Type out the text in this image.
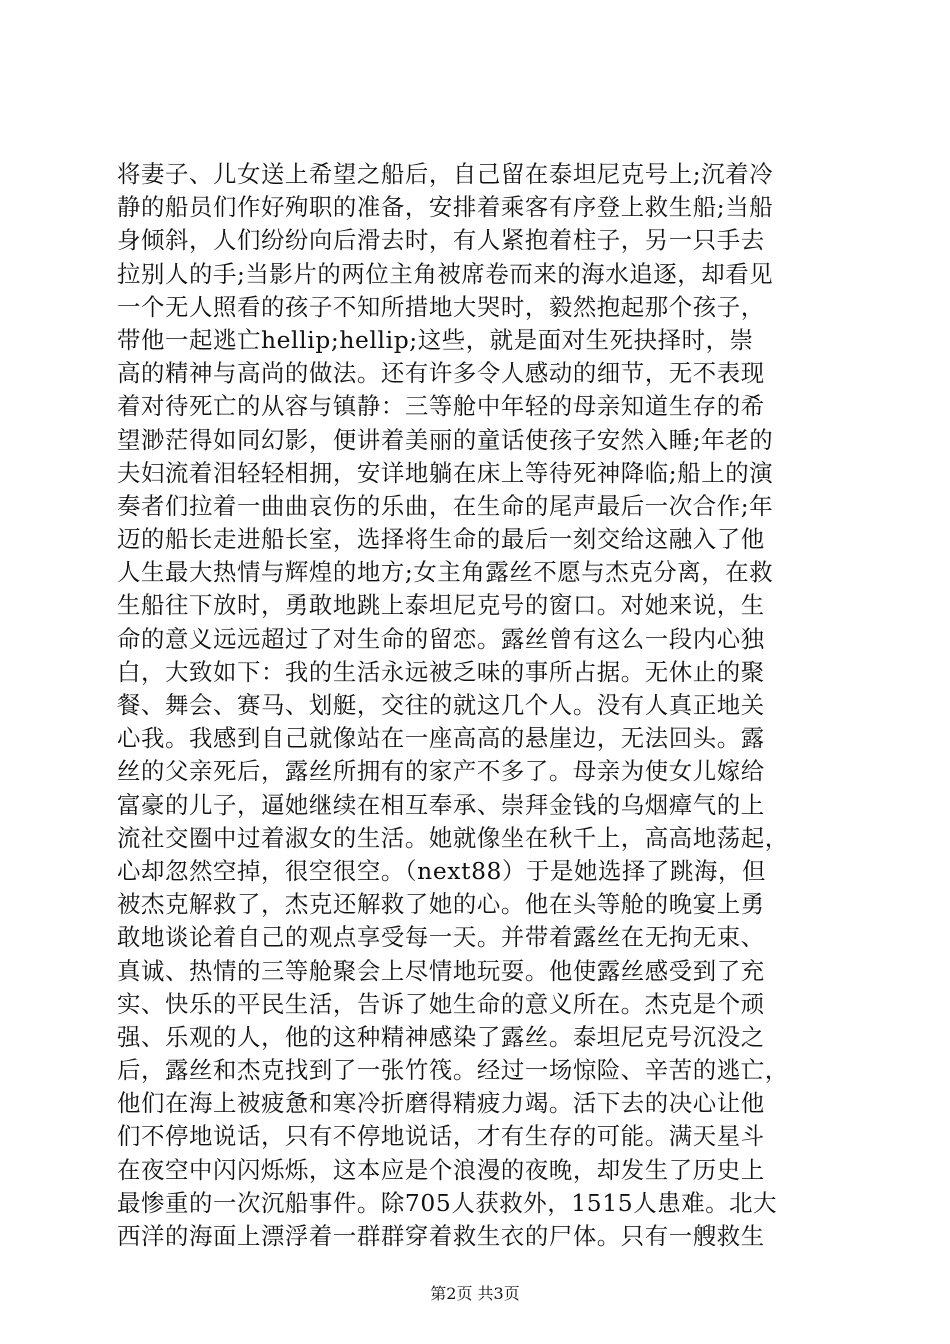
将妻子、儿女送上希望之船后，自己留在泰坦尼克号上;沉着冷
静的船员们作好殉职的准备，安排着乘客有序登上救生船;当船
身倾斜，人们纷纷向后滑去时，有人紧抱着柱子，另一只手去
拉别人的手;当影片的两位主角被席卷而来的海水追逐，却看见
一个无人照看的孩子不知所措地大哭时，毅然抱起那个孩子，
带他一起逃亡hellip;hellip;这些，就是面对生死抉择时，崇
高的精神与高尚的做法。还有许多令人感动的细节，无不表现
着对待死亡的从容与镇静：三等舱中年轻的母亲知道生存的希
望渺茫得如同幻影，便讲着美丽的童话使孩子安然入睡;年老的
夫妇流着泪轻轻相拥，安详地躺在床上等待死神降临;船上的演
奏者们拉着一曲曲哀伤的乐曲，在生命的尾声最后一次合作;年
迈的船长走进船长室，选择将生命的最后一刻交给这融入了他
人生最大热情与辉煌的地方;女主角露丝不愿与杰克分离，在救
生船往下放时，勇敢地跳上泰坦尼克号的窗口。对她来说，生
命的意义远远超过了对生命的留恋。露丝曾有这么一段内心独
白，大致如下：我的生活永远被乏味的事所占据。无休止的聚
餐、舞会、赛马、划艇，交往的就这几个人。没有人真正地关
心我。我感到自己就像站在一座高高的悬崖边，无法回头。露
丝的父亲死后，露丝所拥有的家产不多了。母亲为使女儿嫁给
富豪的儿子，逼她继续在相互奉承、崇拜金钱的乌烟瘴气的上
流社交圈中过着淑女的生活。她就像坐在秋千上，高高地荡起，
心却忽然空掉，很空很空。（next88）于是她选择了跳海，但
被杰克解救了，杰克还解救了她的心。他在头等舱的晚宴上勇
敢地谈论着自己的观点享受每一天。并带着露丝在无拘无束、
真诚、热情的三等舱聚会上尽情地玩耍。他使露丝感受到了充
实、快乐的平民生活，告诉了她生命的意义所在。杰克是个顽
强、乐观的人，他的这种精神感染了露丝。泰坦尼克号沉没之
后，露丝和杰克找到了一张竹筏。经过一场惊险、辛苦的逃亡，
他们在海上被疲惫和寒冷折磨得精疲力竭。活下去的决心让他
们不停地说话，只有不停地说话，才有生存的可能。满天星斗
在夜空中闪闪烁烁，这本应是个浪漫的夜晚，却发生了历史上
最惨重的一次沉船事件。除705人获救外，1515人患难。北大
西洋的海面上漂浮着一群群穿着救生衣的尸体。只有一艘救生

第2页 共3页
